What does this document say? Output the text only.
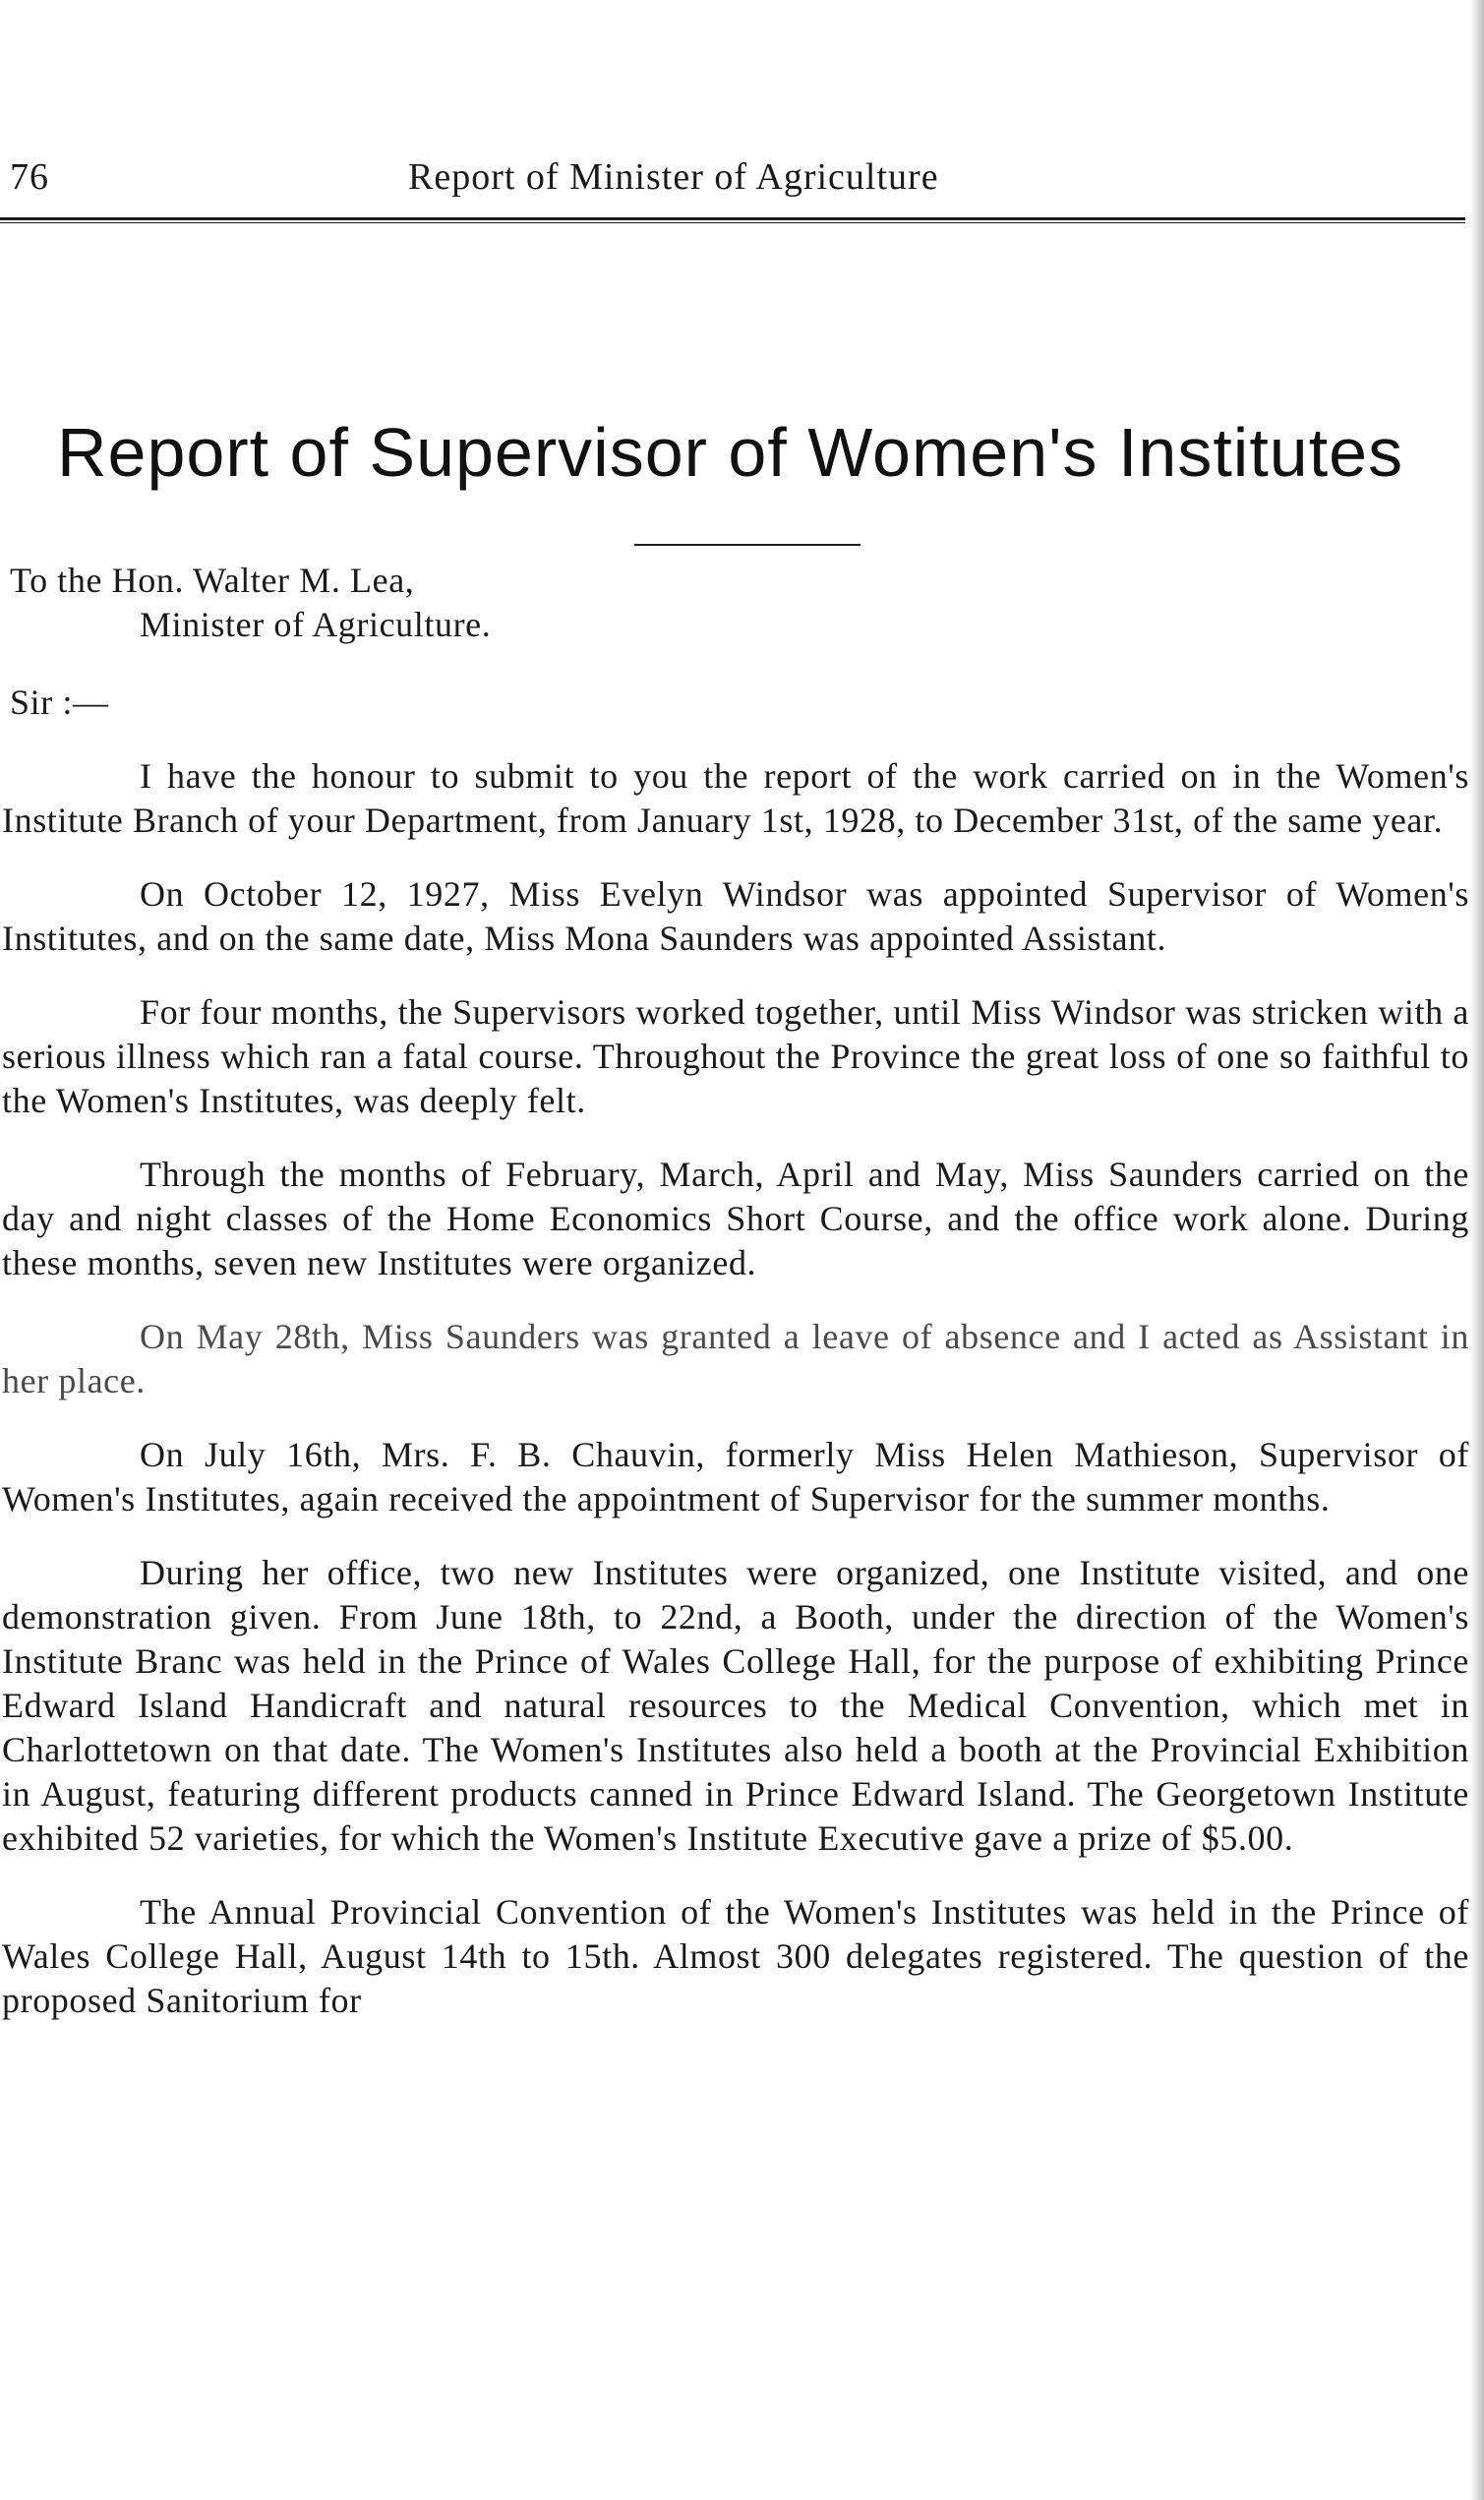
76	Report of Minister of Agriculture
Report of Supervisor of Women's Institutes
To the Hon. Walter M. Lea,
Minister of Agriculture.
Sir :—

I have the honour to submit to you the report of the work carried on in the Women's Institute Branch of your Department, from January 1st, 1928, to December 31st, of the same year.

On October 12, 1927, Miss Evelyn Windsor was appointed Supervisor of Women's Institutes, and on the same date, Miss Mona Saunders was appointed Assistant.

For four months, the Supervisors worked together, until Miss Windsor was stricken with a serious illness which ran a fatal course. Throughout the Province the great loss of one so faithful to the Women's Institutes, was deeply felt.

Through the months of February, March, April and May, Miss Saunders carried on the day and night classes of the Home Economics Short Course, and the office work alone. During these months, seven new Institutes were organized.

On May 28th, Miss Saunders was granted a leave of absence and I acted as Assistant in her place.

On July 16th, Mrs. F. B. Chauvin, formerly Miss Helen Mathieson, Supervisor of Women's Institutes, again received the appointment of Supervisor for the summer months.

During her office, two new Institutes were organized, one Institute visited, and one demonstration given. From June 18th, to 22nd, a Booth, under the direction of the Women's Institute Branc was held in the Prince of Wales College Hall, for the purpose of exhibiting Prince Edward Island Handicraft and natural resources to the Medical Convention, which met in Charlottetown on that date. The Women's Institutes also held a booth at the Provincial Exhibition in August, featuring different products canned in Prince Edward Island. The Georgetown Institute exhibited 52 varieties, for which the Women's Institute Executive gave a prize of $5.00.

The Annual Provincial Convention of the Women's Institutes was held in the Prince of Wales College Hall, August 14th to 15th. Almost 300 delegates registered. The question of the proposed Sanitorium for
